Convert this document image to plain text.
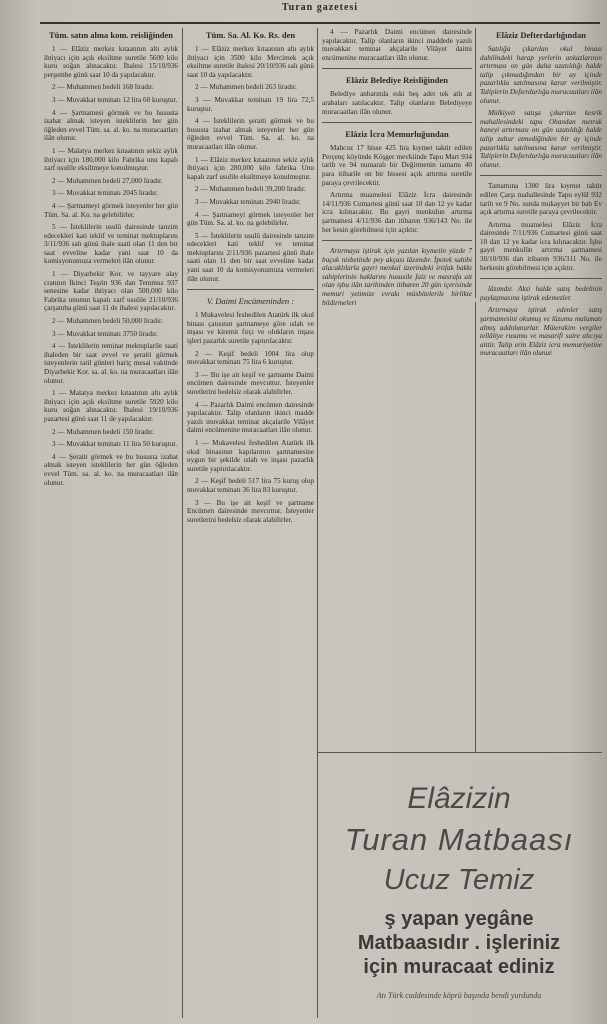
Turan gazetesi
Tüm. satın alma kom. reisliğinden

1 — Elâziz merkez kıtaatının altı aylık ihtiyacı için açık eksiltme suretile 5600 kilo kuru soğan alınacaktır. İhalesi 15/10/936 perşembe günü saat 10 da yapılacaktır.

2 — Muhammen bedeli 168 liradır.

3 — Muvakkat teminatı 12 lira 60 kuruştur.

4 — Şartnamesi görmek ve bu hususta izahat almak isteyen isteklilerin her gün öğleden evvel Tüm. sa. al. ko. na muracaatları ilân olunur.

1 — Malatya merkez kıtaatının sekiz aylık ihtiyacı için 180,000 kilo Fabrika unu kapalı zarf usulile eksiltmeye konulmuştur.

2 — Muhammen bedeli 27,000 liradır.

3 — Muvakkat teminatı 2045 liradır.

4 — Şartnameyi görmek isteyenler her gün Tüm. Sa. al. Ko. na gelebilirler.

5 — İsteklilerin usulü dairesinde tanzim edecekleri kati teklif ve teminat mektuplarını 3/11/936 salı günü ihale saati olan 11 den bir saat evveline kadar yani saat 10 da komisyonumuza vermeleri ilân olunur.

1 — Diyarbekir Kor. ve tayyare alay cratının İkinci Teşrin 936 dan Temmuz 937 senesine kadar ihtiyacı olan 500,000 kilo Fabrika ununun kapalı zarf usulile 21/10/936 çarşamba günü saat 11 de ihalesi yapılacaktır.

2 — Muhammen bedeli 50,000 liradır.

3 — Muvakkat teminatı 3750 liradır.

4 — İsteklilerin teminat mektuplarile saati ihaleden bir saat evvel ve şeraiti görmek isteyenlerin tatil günleri hariç mesai vaktinde Diyarbekir Kor. sa. al. ko. na muracaatları ilân olunur.

1 — Malatya merkez kıtaatının altı aylık ihtiyacı için açık eksiltme suretile 5920 kilo kuru soğan alınacaktır. İhalesi 19/10/936 pazartesi günü saat 11 de yapılacaktır.

2 — Muhammen bedeli 150 liradır.

3 — Muvakkat teminatı 11 lira 50 kuruştur.

4 — Şeraiti görmek ve bu hususta izahat almak isteyen isteklilerin her gün öğleden evvel Tüm. sa. al. ko. na muracaatları ilân olunur.

Tüm. Sa. Al. Ko. Rs. den

1 — Elâziz merkez kıtaatının altı aylık ihtiyacı için 3500 kilo Mercimek açık eksiltme suretile ihalesi 20/10/936 salı günü saat 10 da yapılacaktır.

2 — Muhammen bedeli 263 liradır.

3 — Muvakkat teminatı 19 lira 72,5 kuruştur.

4 — İsteklilerin şeraiti görmek ve bu hususta izahat almak isteyenler her gün öğleden evvel Tüm. Sa. al. ko. na muracaatları ilân olunur.

1 — Elâziz merkez kıtaatının sekiz aylık ihtiyacı için 280,000 kilo fabrika Unu kapalı zarf usulile eksiltmeye konulmuştur.

2 — Muhammen bedeli 39,200 liradır.

3 — Muvakkat teminatı 2940 liradır.

4 — Şartnameyi görmek isteyenler her gün Tüm. Sa. al. ko. na gelebilirler.

5 — İsteklilerin usulü dairesinde tanzim edecekleri kati teklif ve teminat mektuplarını 2/11/936 pazartesi günü ihale saati olan 11 den bir saat evveline kadar yani saat 10 da komisyonumuza vermeleri ilân olunur.

V. Daimi Encümeninden :

1 Mukavelesi feshedilen Atatürk ilk okul binası çatısının şartnameye göre ıslah ve inşası ve kiremit fırçı ve olukların inşası işleri pazarlık suretile yaptırılacaktır.

2 — Keşif bedeli 1004 lira olup muvakkat teminatı 75 lira 6 kuruştur.

3 — Bu işe ait keşif ve şartname Daimi encümen dairesinde mevcuttur. İsteyenler suretlerini bedelsiz olarak alabilirler.

4 — Pazarlık Daimi encümen dairesinde yapılacaktır. Talip olanların ikinci madde yazılı muvakkat teminat akçalarile Vilâyet daimi encümenine muracaatları ilân olunur.

1 — Mukavelesi feshedilen Atatürk ilk okul binasının kapılarının şartnamesine uygun bir şekilde ıslah ve inşası pazarlık suretile yaptırılacaktır.

2 — Keşif bedeli 517 lira 75 kuruş olup muvakkat teminatı 36 lira 83 kuruştur.

3 — Bu işe ait keşif ve şartname Encümen dairesinde mevcuttur. İsteyenler suretlerini bedelsiz olarak alabilirler.

4 — Pazarlık Daimi encümen dairesinde yapılacaktır. Talip olanların ikinci maddede yazılı muvakkat teminat akçalarile Vilâyet daimi encümenine muracaatları ilân olunur.

Elâziz Belediye Reisliğinden

Belediye anbarında eski beş adet tek atlı at arabaları satılacaktır. Talip olanların Belediyeye muracaatları ilân olunur.

Elâziz İcra Memurluğundan

Mahcuz 17 hisse 425 lira kıymet taktir edilen Perçenç köyünde Köşger mevkiinde Tapu Mart 934 tarih ve 94 numaralı bir Değirmenin tamamı 40 para itibarile on bir hissesi açık artırma suretile paraya çevrilecektir.

Artırma muamelesi Elâziz İcra dairesinde 14/11/936 Cumartesi günü saat 10 dan 12 ye kadar icra kılınacaktır. Bu gayri menkulun artırma şartnamesi 4/11/936 dan itibaren 936/143 No. ile her kesin görebilmesi için açıktır.

Artırmaya iştirak için yazılan kıymetin yüzde 7 buçuk nisbetinde pey akçası lâzımdır. İpotek sahibi alacaklılarla gayri menkul üzerindeki irtifak hakkı sahiplerinin haklarını hususile faiz ve masrafa ait olan işbu ilân tarihinden itibaren 20 gün içerisinde memuri yetimize evrakı müsbitelerile birlikte bildirmeleri

Elâziz Defterdarlığından

Satılığa çıkarılan okul binası dahilindeki harap yerlerin ankazlarının artırması on gün daha uzatıldığı halde talip çıkmadığından bir ay içinde pazarlıkla satılmasına karar verilmiştir. Taliplerin Defterdarlığa muracaatları ilân olunur.

Mülkiyeti satışa çıkarılan kesrik mahallesindeki tapu Ohandan metruk haneyi artırması on gün uzatıldığı halde talip zuhur etmediğinden bir ay içinde pazarlıkla satılmasına karar verilmiştir. Taliplerin Defterdarlığa muracaatları ilân olunur.

Tamamına 1300 lira kıymet taktir edilen Çarşı mahallesinde Tapu eylül 932 tarih ve 9 No. sunda mukayyet bir bab Ev açık artırma suretile paraya çevrilecektir.

Artırma muamelesi Elâziz İcra dairesinde 7/11/936 Cumartesi günü saat 10 dan 12 ye kadar icra kılınacaktır. İşbu gayri menkulün artırma şartnamesi 30/10/936 dan itibaren 936/311 No. ile herkesin görebilmesi için açıktır.

lâzımdır. Aksi halde satış bedelinin paylaşmasına iştirak edemezler.

Artırmaya iştirak edenler satış şartnamesini okumuş ve lüzumu malumatı almış addolunurlar. Müterakim vergiler tellâliye rusumu ve masarifi saire alıcıya aittir. Talip erin Elâziz icra memuriyetine muracaatları ilân olunur.

Elâzizin
Turan Matbaası
Ucuz Temiz
ş yapan yegâne
Matbaasıdır . işleriniz
için muracaat ediniz
Atı Türk caddesinde köprü başında bendi yurdunda
